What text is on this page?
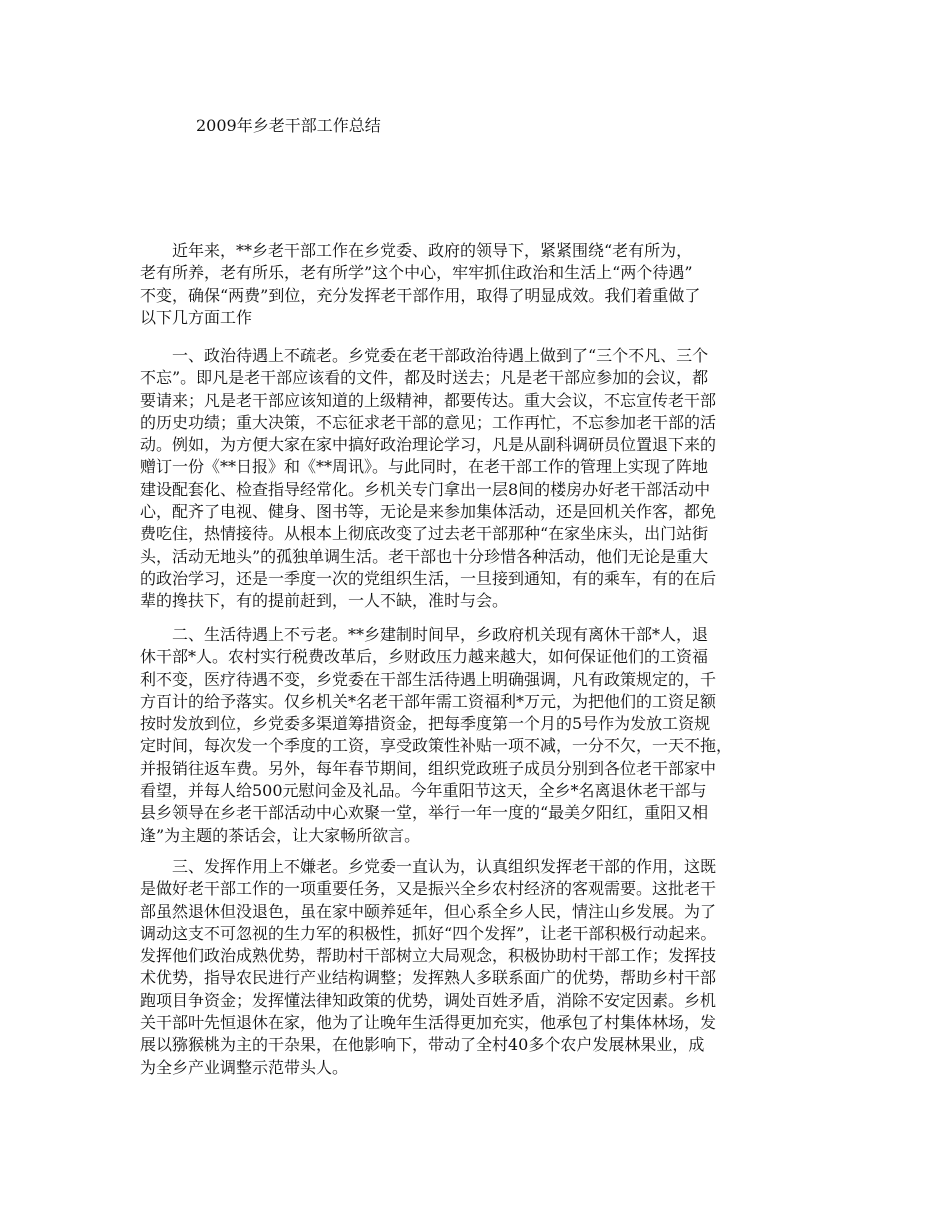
2009年乡老干部工作总结
　　近年来，**乡老干部工作在乡党委、政府的领导下，紧紧围绕“老有所为，
老有所养，老有所乐，老有所学”这个中心，牢牢抓住政治和生活上“两个待遇”
不变，确保“两费”到位，充分发挥老干部作用，取得了明显成效。我们着重做了
以下几方面工作
　　一、政治待遇上不疏老。乡党委在老干部政治待遇上做到了“三个不凡、三个
不忘”。即凡是老干部应该看的文件，都及时送去；凡是老干部应参加的会议，都
要请来；凡是老干部应该知道的上级精神，都要传达。重大会议，不忘宣传老干部
的历史功绩；重大决策，不忘征求老干部的意见；工作再忙，不忘参加老干部的活
动。例如，为方便大家在家中搞好政治理论学习，凡是从副科调研员位置退下来的
赠订一份《**日报》和《**周讯》。与此同时，在老干部工作的管理上实现了阵地
建设配套化、检查指导经常化。乡机关专门拿出一层8间的楼房办好老干部活动中
心，配齐了电视、健身、图书等，无论是来参加集体活动，还是回机关作客，都免
费吃住，热情接待。从根本上彻底改变了过去老干部那种“在家坐床头，出门站街
头，活动无地头”的孤独单调生活。老干部也十分珍惜各种活动，他们无论是重大
的政治学习，还是一季度一次的党组织生活，一旦接到通知，有的乘车，有的在后
辈的搀扶下，有的提前赶到，一人不缺，准时与会。
　　二、生活待遇上不亏老。**乡建制时间早，乡政府机关现有离休干部*人，退
休干部*人。农村实行税费改革后，乡财政压力越来越大，如何保证他们的工资福
利不变，医疗待遇不变，乡党委在干部生活待遇上明确强调，凡有政策规定的，千
方百计的给予落实。仅乡机关*名老干部年需工资福利*万元，为把他们的工资足额
按时发放到位，乡党委多渠道筹措资金，把每季度第一个月的5号作为发放工资规
定时间，每次发一个季度的工资，享受政策性补贴一项不减，一分不欠，一天不拖，
并报销往返车费。另外，每年春节期间，组织党政班子成员分别到各位老干部家中
看望，并每人给500元慰问金及礼品。今年重阳节这天，全乡*名离退休老干部与
县乡领导在乡老干部活动中心欢聚一堂，举行一年一度的“最美夕阳红，重阳又相
逢”为主题的茶话会，让大家畅所欲言。
　　三、发挥作用上不嫌老。乡党委一直认为，认真组织发挥老干部的作用，这既
是做好老干部工作的一项重要任务，又是振兴全乡农村经济的客观需要。这批老干
部虽然退休但没退色，虽在家中颐养延年，但心系全乡人民，情注山乡发展。为了
调动这支不可忽视的生力军的积极性，抓好“四个发挥”，让老干部积极行动起来。
发挥他们政治成熟优势，帮助村干部树立大局观念，积极协助村干部工作；发挥技
术优势，指导农民进行产业结构调整；发挥熟人多联系面广的优势，帮助乡村干部
跑项目争资金；发挥懂法律知政策的优势，调处百姓矛盾，消除不安定因素。乡机
关干部叶先恒退休在家，他为了让晚年生活得更加充实，他承包了村集体林场，发
展以猕猴桃为主的干杂果，在他影响下，带动了全村40多个农户发展林果业，成
为全乡产业调整示范带头人。
